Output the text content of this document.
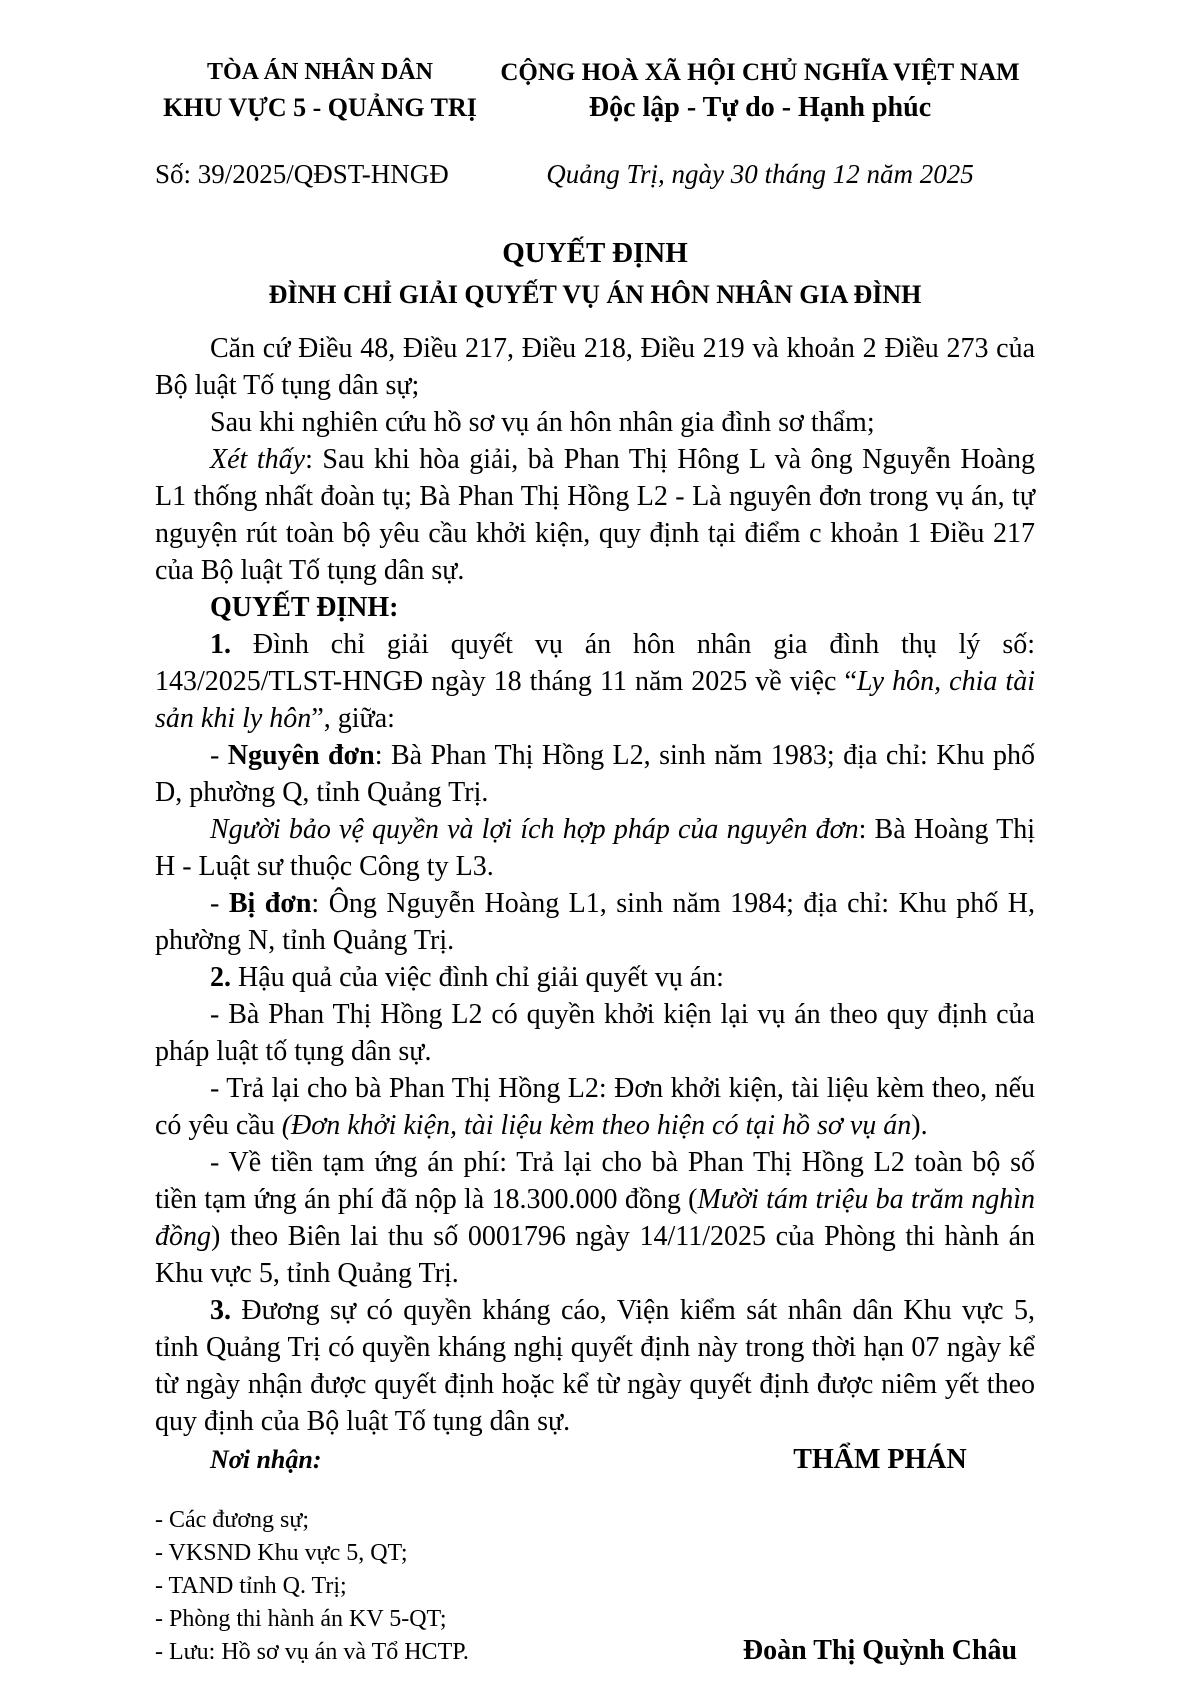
TÒA ÁN NHÂN DÂN
KHU VỰC 5 - QUẢNG TRỊ
Số: 39/2025/QĐST-HNGĐ
CỘNG HOÀ XÃ HỘI CHỦ NGHĨA VIỆT NAM
Độc lập - Tự do - Hạnh phúc
Quảng Trị, ngày 30 tháng 12 năm 2025
QUYẾT ĐỊNH
ĐÌNH CHỈ GIẢI QUYẾT VỤ ÁN HÔN NHÂN GIA ĐÌNH

Căn cứ Điều 48, Điều 217, Điều 218, Điều 219 và khoản 2 Điều 273 của Bộ luật Tố tụng dân sự;

Sau khi nghiên cứu hồ sơ vụ án hôn nhân gia đình sơ thẩm;

Xét thấy: Sau khi hòa giải, bà Phan Thị Hông L và ông Nguyễn Hoàng L1 thống nhất đoàn tụ; Bà Phan Thị Hồng L2 - Là nguyên đơn trong vụ án, tự nguyện rút toàn bộ yêu cầu khởi kiện, quy định tại điểm c khoản 1 Điều 217 của Bộ luật Tố tụng dân sự.

QUYẾT ĐỊNH:

1. Đình chỉ giải quyết vụ án hôn nhân gia đình thụ lý số: 143/2025/TLST-HNGĐ ngày 18 tháng 11 năm 2025 về việc “Ly hôn, chia tài sản khi ly hôn”, giữa:

- Nguyên đơn: Bà Phan Thị Hồng L2, sinh năm 1983; địa chỉ: Khu phố D, phường Q, tỉnh Quảng Trị.

Người bảo vệ quyền và lợi ích hợp pháp của nguyên đơn: Bà Hoàng Thị H - Luật sư thuộc Công ty L3.

- Bị đơn: Ông Nguyễn Hoàng L1, sinh năm 1984; địa chỉ: Khu phố H, phường N, tỉnh Quảng Trị.

2. Hậu quả của việc đình chỉ giải quyết vụ án:

- Bà Phan Thị Hồng L2 có quyền khởi kiện lại vụ án theo quy định của pháp luật tố tụng dân sự.

- Trả lại cho bà Phan Thị Hồng L2: Đơn khởi kiện, tài liệu kèm theo, nếu có yêu cầu (Đơn khởi kiện, tài liệu kèm theo hiện có tại hồ sơ vụ án).

- Về tiền tạm ứng án phí: Trả lại cho bà Phan Thị Hồng L2 toàn bộ số tiền tạm ứng án phí đã nộp là 18.300.000 đồng (Mười tám triệu ba trăm nghìn đồng) theo Biên lai thu số 0001796 ngày 14/11/2025 của Phòng thi hành án Khu vực 5, tỉnh Quảng Trị.

3. Đương sự có quyền kháng cáo, Viện kiểm sát nhân dân Khu vực 5, tỉnh Quảng Trị có quyền kháng nghị quyết định này trong thời hạn 07 ngày kể từ ngày nhận được quyết định hoặc kể từ ngày quyết định được niêm yết theo quy định của Bộ luật Tố tụng dân sự.

Nơi nhận:
- Các đương sự;
- VKSND Khu vực 5, QT;
- TAND tỉnh Q. Trị;
- Phòng thi hành án KV 5-QT;
- Lưu: Hồ sơ vụ án và Tổ HCTP.
THẨM PHÁN
Đoàn Thị Quỳnh Châu
